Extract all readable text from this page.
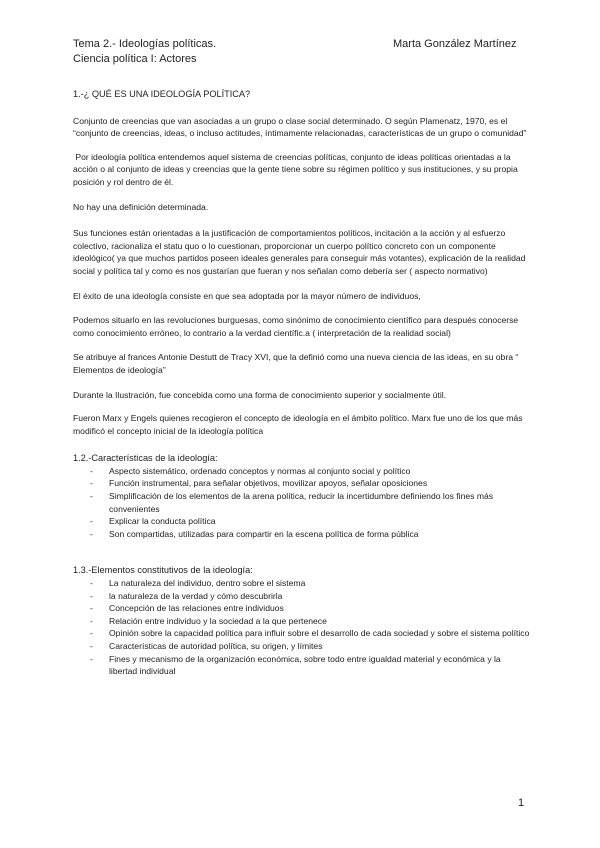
Tema 2.- Ideologías políticas.
Ciencia política I: Actores
Marta González Martínez

1.-¿ QUÉ ES UNA IDEOLOGÍA POLÍTICA?

Conjunto de creencias que van asociadas a un grupo o clase social determinado. O según Plamenatz, 1970, es el “conjunto de creencias, ideas, o incluso actitudes, íntimamente relacionadas, características de un grupo o comunidad”

Por ideología política entendemos aquel sistema de creencias políticas, conjunto de ideas políticas orientadas a la acción o al conjunto de ideas y creencias que la gente tiene sobre su régimen político y sus instituciones, y su propia posición y rol dentro de él.

No hay una definición determinada.

Sus funciones están orientadas a la justificación de comportamientos políticos, incitación a la acción y al esfuerzo colectivo, racionaliza el statu quo o lo cuestionan, proporcionar un cuerpo político concreto con un componente ideológico( ya que muchos partidos poseen ideales generales para conseguir más votantes), explicación de la realidad social y política tal y como es nos gustarían que fueran y nos señalan como debería ser ( aspecto normativo)

El éxito de una ideología consiste en que sea adoptada por la mayor número de individuos,

Podemos situarlo en las revoluciones burguesas, como sinónimo de conocimiento científico para después conocerse como conocimiento erróneo, lo contrario a la verdad científic.a ( interpretación de la realidad social)

Se atribuye al frances Antonie Destutt de Tracy XVI, que la definió como una nueva ciencia de las ideas, en su obra “ Elementos de ideología”

Durante la Ilustración, fue concebida como una forma de conocimiento superior y socialmente útil.

Fueron Marx y Engels quienes recogieron el concepto de ideología en el ámbito político. Marx fue uno de los que más modificó el concepto inicial de la ideología política

1.2.-Características de la ideología:

- Aspecto sistemático, ordenado conceptos y normas al conjunto social y político
- Función instrumental, para señalar objetivos, movilizar apoyos, señalar oposiciones
- Simplificación de los elementos de la arena política, reducir la incertidumbre definiendo los fines más convenientes
- Explicar la conducta política
- Son compartidas, utilizadas para compartir en la escena política de forma pública

1.3.-Elementos constitutivos de la ideología:

- La naturaleza del individuo, dentro sobre el sistema
- la naturaleza de la verdad y cómo descubrirla
- Concepción de las relaciones entre individuos
- Relación entre individuo y la sociedad a la que pertenece
- Opinión sobre la capacidad política para influir sobre el desarrollo de cada sociedad y sobre el sistema político
- Características de autoridad política, su origen, y límites
- Fines y mecanismo de la organización económica, sobre todo entre igualdad material y económica y la libertad individual
1
